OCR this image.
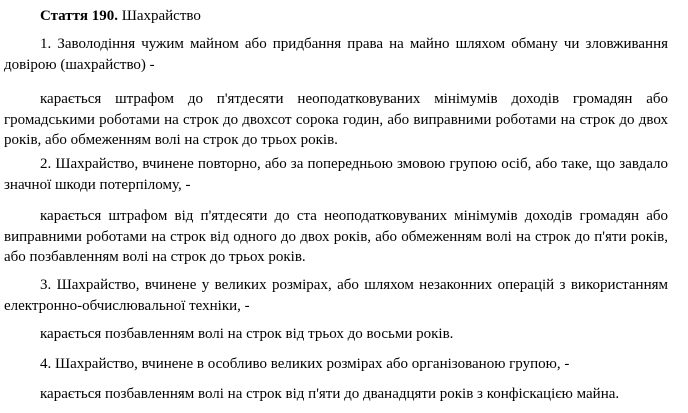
Стаття 190. Шахрайство

1. Заволодіння чужим майном або придбання права на майно шляхом обману чи зловживання довірою (шахрайство) -

карається штрафом до п'ятдесяти неоподатковуваних мінімумів доходів громадян або громадськими роботами на строк до двохсот сорока годин, або виправними роботами на строк до двох років, або обмеженням волі на строк до трьох років.

2. Шахрайство, вчинене повторно, або за попередньою змовою групою осіб, або таке, що завдало значної шкоди потерпілому, -

карається штрафом від п'ятдесяти до ста неоподатковуваних мінімумів доходів громадян або виправними роботами на строк від одного до двох років, або обмеженням волі на строк до п'яти років, або позбавленням волі на строк до трьох років.

3. Шахрайство, вчинене у великих розмірах, або шляхом незаконних операцій з використанням електронно-обчислювальної техніки, -

карається позбавленням волі на строк від трьох до восьми років.

4. Шахрайство, вчинене в особливо великих розмірах або організованою групою, -

карається позбавленням волі на строк від п'яти до дванадцяти років з конфіскацією майна.
